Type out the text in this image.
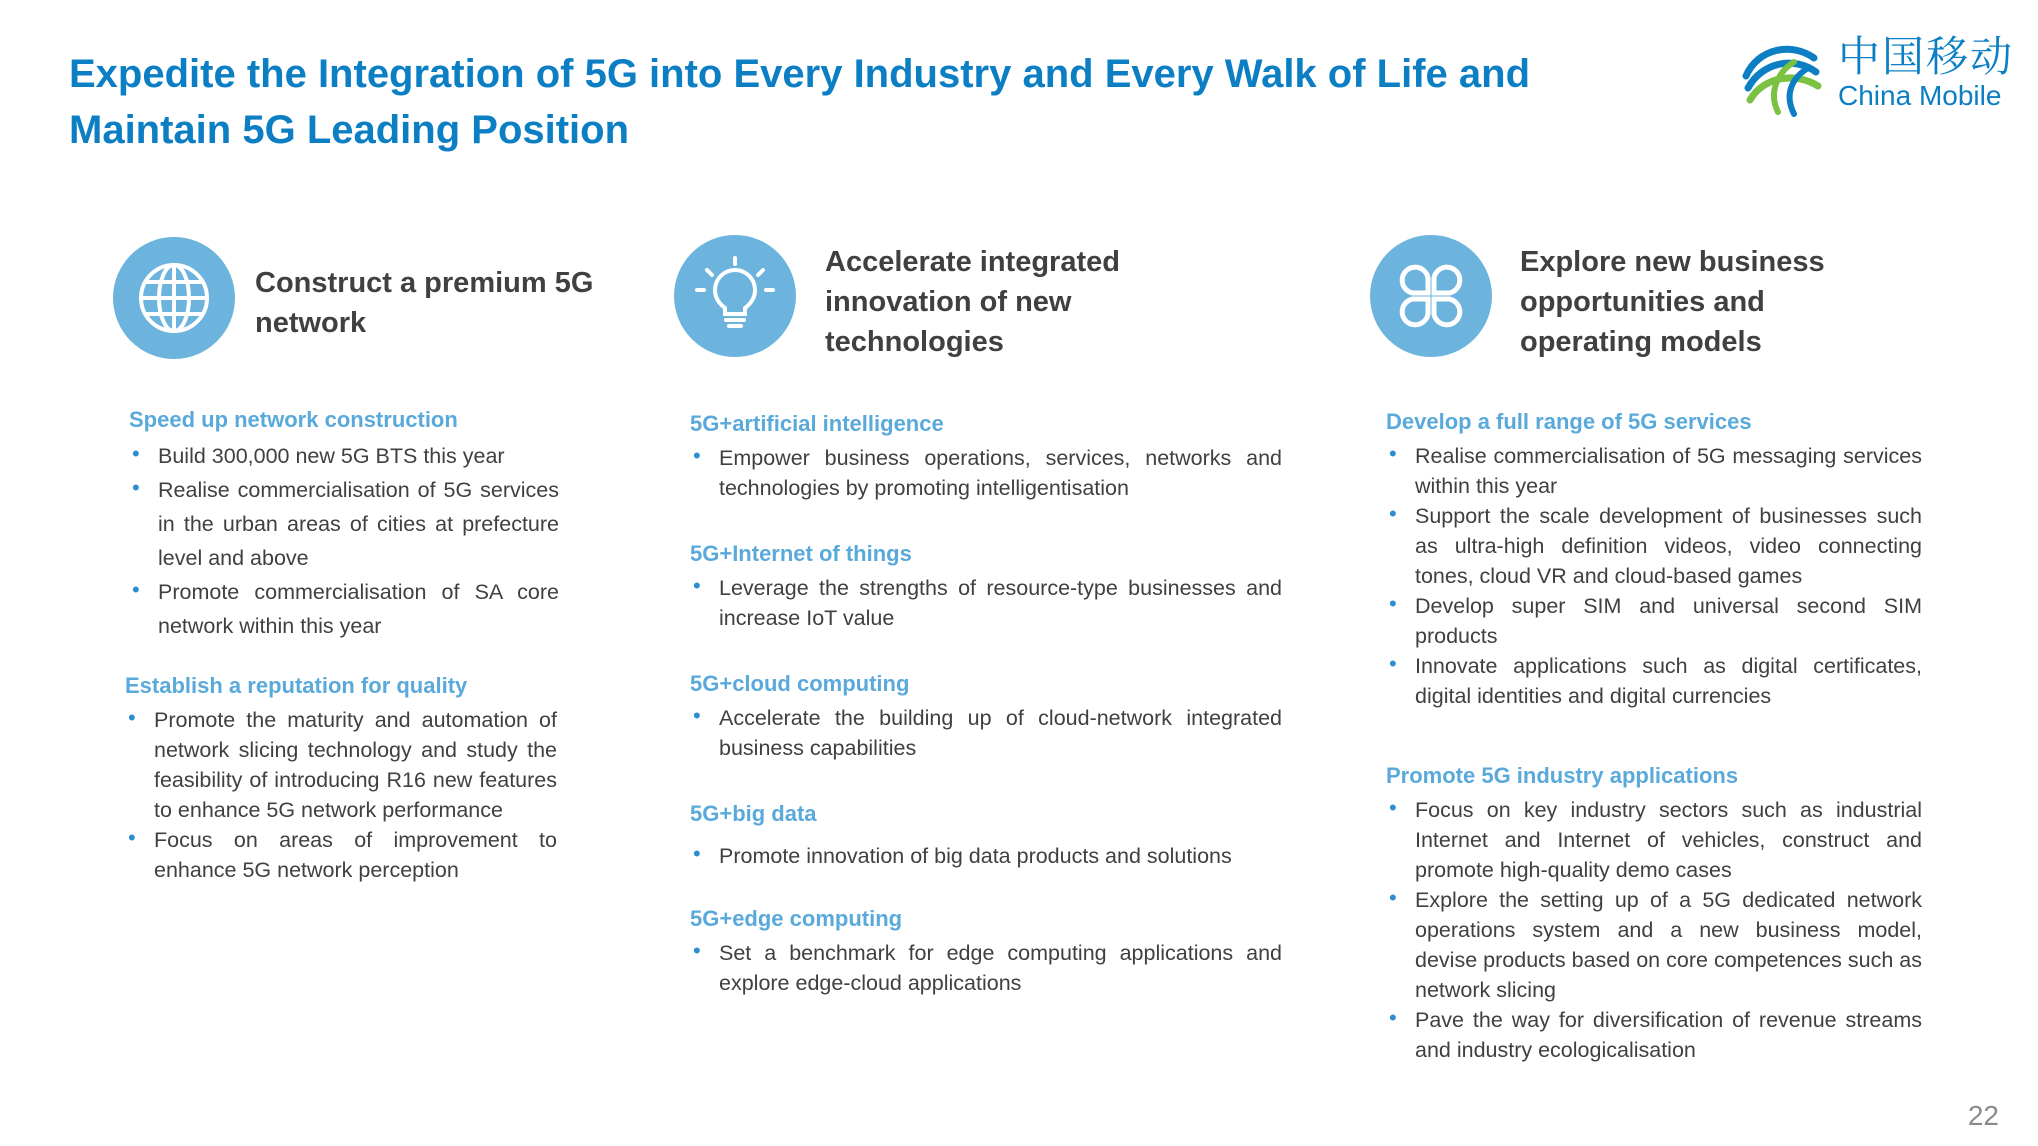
Expedite the Integration of 5G into Every Industry and Every Walk of Life and Maintain 5G Leading Position
中国移动
China Mobile
Construct a premium 5G network

Speed up network construction

• Build 300,000 new 5G BTS this year
• Realise commercialisation of 5G services in the urban areas of cities at prefecture level and above
• Promote commercialisation of SA core network within this year

Establish a reputation for quality

• Promote the maturity and automation of network slicing technology and study the feasibility of introducing R16 new features to enhance 5G network performance
• Focus on areas of improvement to enhance 5G network perception
Accelerate integrated innovation of new technologies

5G+artificial intelligence

• Empower business operations, services, networks and technologies by promoting intelligentisation

5G+Internet of things

• Leverage the strengths of resource-type businesses and increase IoT value

5G+cloud computing

• Accelerate the building up of cloud-network integrated business capabilities

5G+big data

• Promote innovation of big data products and solutions

5G+edge computing

• Set a benchmark for edge computing applications and explore edge-cloud applications
Explore new business opportunities and operating models

Develop a full range of 5G services

• Realise commercialisation of 5G messaging services within this year
• Support the scale development of businesses such as ultra-high definition videos, video connecting tones, cloud VR and cloud-based games
• Develop super SIM and universal second SIM products
• Innovate applications such as digital certificates, digital identities and digital currencies

Promote 5G industry applications

• Focus on key industry sectors such as industrial Internet and Internet of vehicles, construct and promote high-quality demo cases
• Explore the setting up of a 5G dedicated network operations system and a new business model, devise products based on core competences such as network slicing
• Pave the way for diversification of revenue streams and industry ecologicalisation
22
